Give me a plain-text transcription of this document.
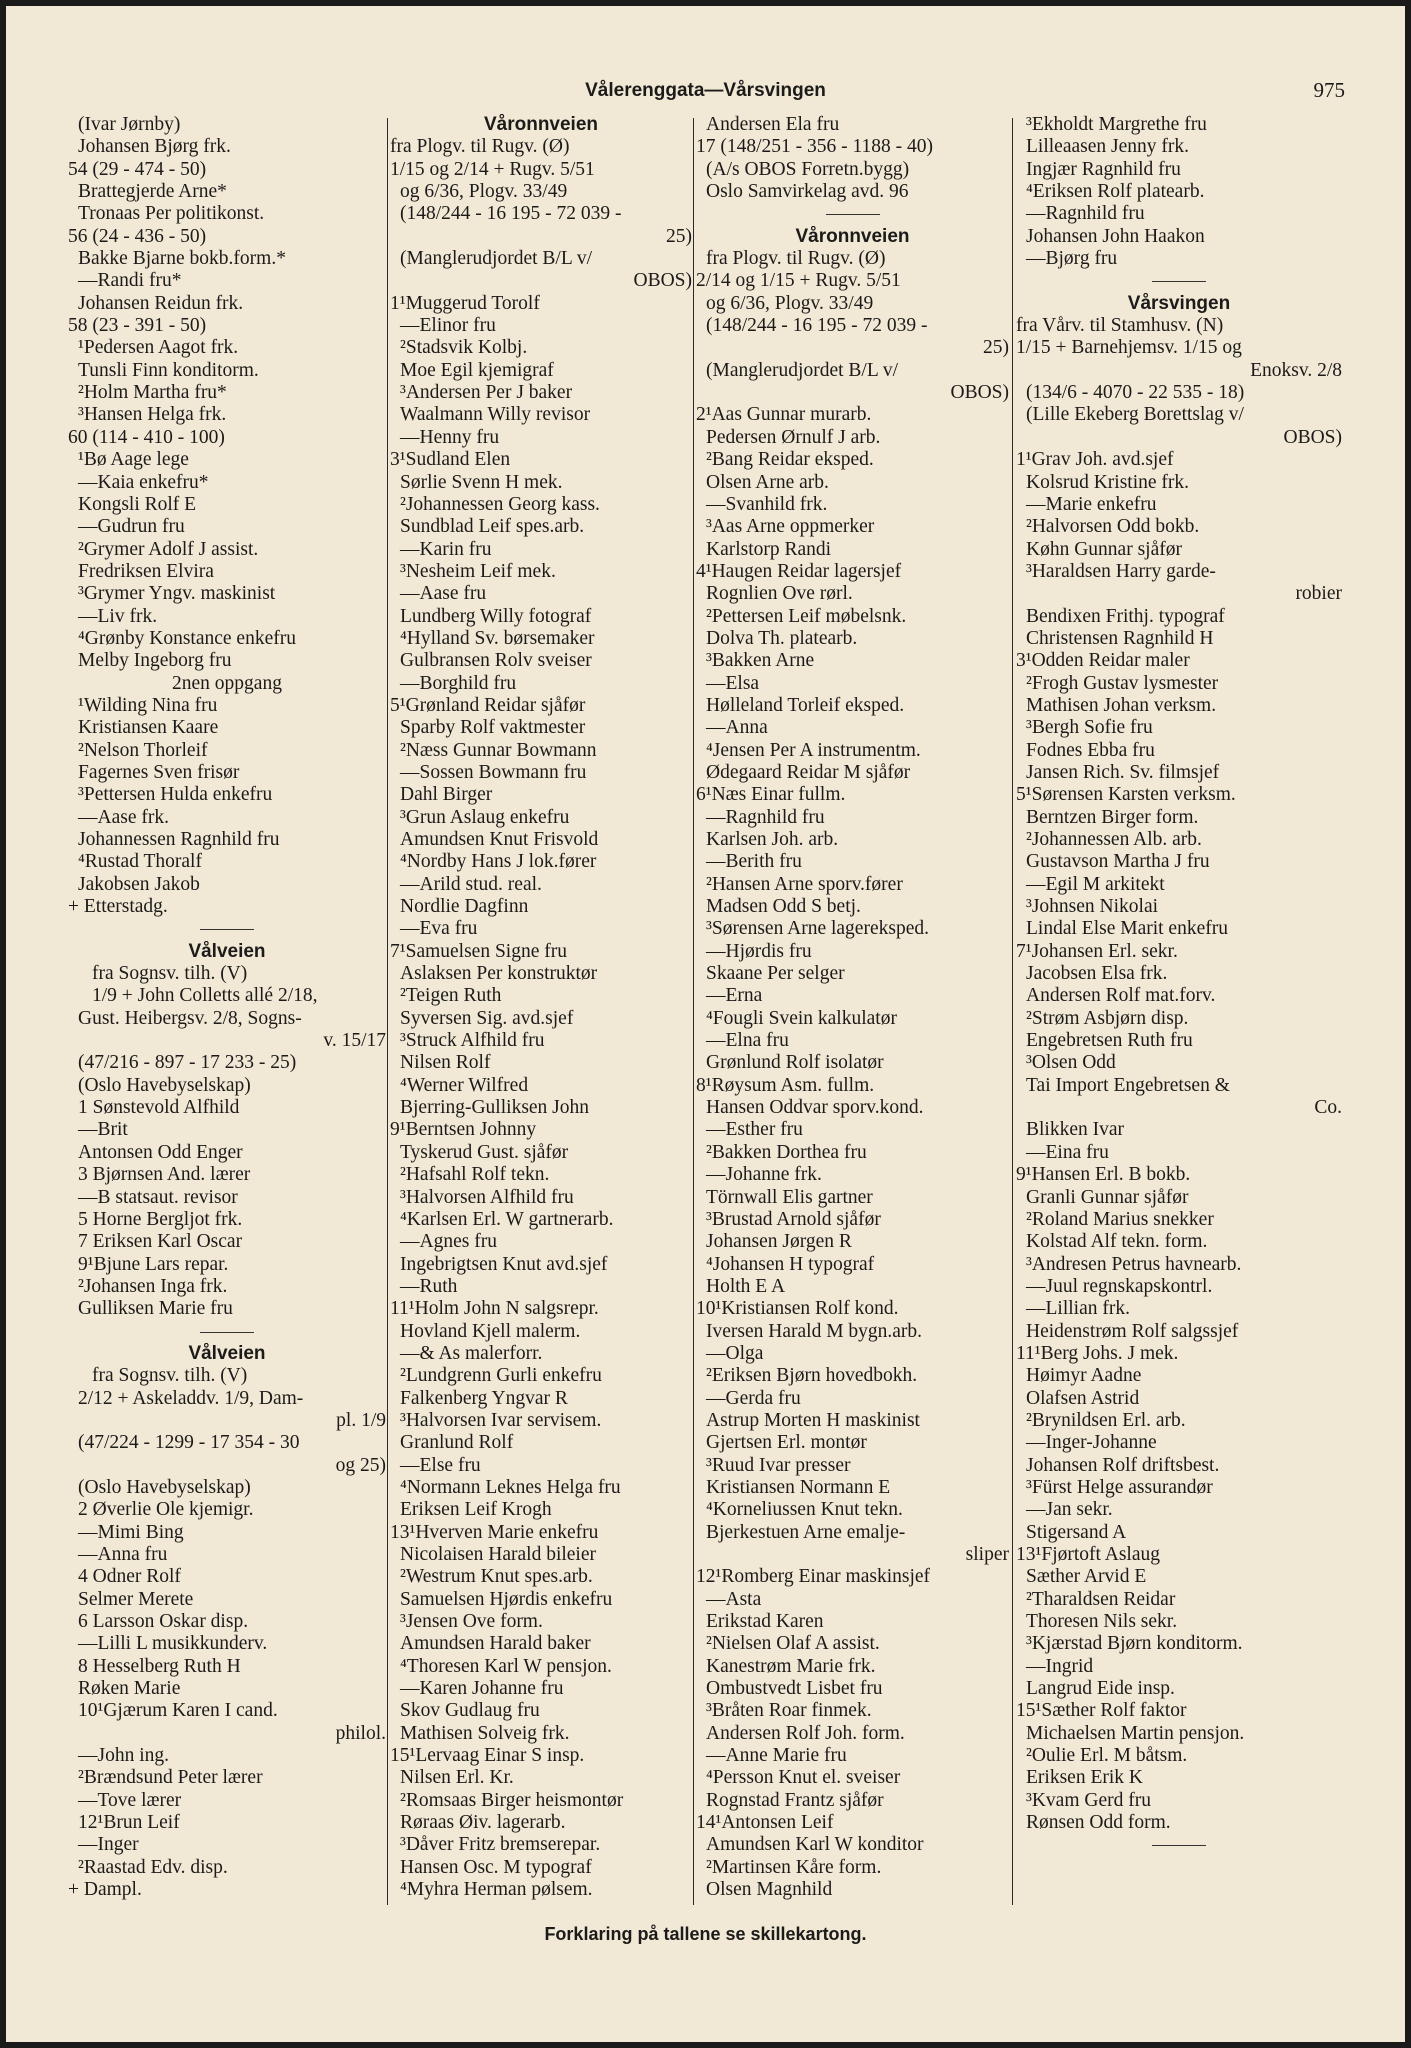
Vålerenggata—Vårsvingen	975
(Ivar Jørnby)
Johansen Bjørg frk.
54 (29 - 474 - 50)
Brattegjerde Arne*
Tronaas Per politikonst.
56 (24 - 436 - 50)
Bakke Bjarne bokb.form.*
—Randi fru*
Johansen Reidun frk.
58 (23 - 391 - 50)
¹Pedersen Aagot frk.
Tunsli Finn konditorm.
²Holm Martha fru*
³Hansen Helga frk.
60 (114 - 410 - 100)
¹Bø Aage lege
—Kaia enkefru*
Kongsli Rolf E
—Gudrun fru
²Grymer Adolf J assist.
Fredriksen Elvira
³Grymer Yngv. maskinist
—Liv frk.
⁴Grønby Konstance enkefru
Melby Ingeborg fru
2nen oppgang
¹Wilding Nina fru
Kristiansen Kaare
²Nelson Thorleif
Fagernes Sven frisør
³Pettersen Hulda enkefru
—Aase frk.
Johannessen Ragnhild fru
⁴Rustad Thoralf
Jakobsen Jakob
+ Etterstadg.
Vålveien
fra Sognsv. tilh. (V)
1/9 + John Colletts allé 2/18,
Gust. Heibergsv. 2/8, Sogns-
v. 15/17
(47/216 - 897 - 17 233 - 25)
(Oslo Havebyselskap)
1 Sønstevold Alfhild
—Brit
Antonsen Odd Enger
3 Bjørnsen And. lærer
—B statsaut. revisor
5 Horne Bergljot frk.
7 Eriksen Karl Oscar
9¹Bjune Lars repar.
²Johansen Inga frk.
Gulliksen Marie fru
Vålveien
fra Sognsv. tilh. (V)
2/12 + Askeladdv. 1/9, Dam-
pl. 1/9
(47/224 - 1299 - 17 354 - 30
og 25)
(Oslo Havebyselskap)
2 Øverlie Ole kjemigr.
—Mimi Bing
—Anna fru
4 Odner Rolf
Selmer Merete
6 Larsson Oskar disp.
—Lilli L musikkunderv.
8 Hesselberg Ruth H
Røken Marie
10¹Gjærum Karen I cand.
philol.
—John ing.
²Brændsund Peter lærer
—Tove lærer
12¹Brun Leif
—Inger
²Raastad Edv. disp.
+ Dampl.
Våronnveien
fra Plogv. til Rugv. (Ø)
1/15 og 2/14 + Rugv. 5/51
og 6/36, Plogv. 33/49
(148/244 - 16 195 - 72 039 -
25)
(Manglerudjordet B/L v/
OBOS)
1¹Muggerud Torolf
—Elinor fru
²Stadsvik Kolbj.
Moe Egil kjemigraf
³Andersen Per J baker
Waalmann Willy revisor
—Henny fru
3¹Sudland Elen
Sørlie Svenn H mek.
²Johannessen Georg kass.
Sundblad Leif spes.arb.
—Karin fru
³Nesheim Leif mek.
—Aase fru
Lundberg Willy fotograf
⁴Hylland Sv. børsemaker
Gulbransen Rolv sveiser
—Borghild fru
5¹Grønland Reidar sjåfør
Sparby Rolf vaktmester
²Næss Gunnar Bowmann
—Sossen Bowmann fru
Dahl Birger
³Grun Aslaug enkefru
Amundsen Knut Frisvold
⁴Nordby Hans J lok.fører
—Arild stud. real.
Nordlie Dagfinn
—Eva fru
7¹Samuelsen Signe fru
Aslaksen Per konstruktør
²Teigen Ruth
Syversen Sig. avd.sjef
³Struck Alfhild fru
Nilsen Rolf
⁴Werner Wilfred
Bjerring-Gulliksen John
9¹Berntsen Johnny
Tyskerud Gust. sjåfør
²Hafsahl Rolf tekn.
³Halvorsen Alfhild fru
⁴Karlsen Erl. W gartnerarb.
—Agnes fru
Ingebrigtsen Knut avd.sjef
—Ruth
11¹Holm John N salgsrepr.
Hovland Kjell malerm.
—& As malerforr.
²Lundgrenn Gurli enkefru
Falkenberg Yngvar R
³Halvorsen Ivar servisem.
Granlund Rolf
—Else fru
⁴Normann Leknes Helga fru
Eriksen Leif Krogh
13¹Hverven Marie enkefru
Nicolaisen Harald bileier
²Westrum Knut spes.arb.
Samuelsen Hjørdis enkefru
³Jensen Ove form.
Amundsen Harald baker
⁴Thoresen Karl W pensjon.
—Karen Johanne fru
Skov Gudlaug fru
Mathisen Solveig frk.
15¹Lervaag Einar S insp.
Nilsen Erl. Kr.
²Romsaas Birger heismontør
Røraas Øiv. lagerarb.
³Dåver Fritz bremserepar.
Hansen Osc. M typograf
⁴Myhra Herman pølsem.
Andersen Ela fru
17 (148/251 - 356 - 1188 - 40)
(A/s OBOS Forretn.bygg)
Oslo Samvirkelag avd. 96
Våronnveien
fra Plogv. til Rugv. (Ø)
2/14 og 1/15 + Rugv. 5/51
og 6/36, Plogv. 33/49
(148/244 - 16 195 - 72 039 -
25)
(Manglerudjordet B/L v/
OBOS)
2¹Aas Gunnar murarb.
Pedersen Ørnulf J arb.
²Bang Reidar eksped.
Olsen Arne arb.
—Svanhild frk.
³Aas Arne oppmerker
Karlstorp Randi
4¹Haugen Reidar lagersjef
Rognlien Ove rørl.
²Pettersen Leif møbelsnk.
Dolva Th. platearb.
³Bakken Arne
—Elsa
Hølleland Torleif eksped.
—Anna
⁴Jensen Per A instrumentm.
Ødegaard Reidar M sjåfør
6¹Næs Einar fullm.
—Ragnhild fru
Karlsen Joh. arb.
—Berith fru
²Hansen Arne sporv.fører
Madsen Odd S betj.
³Sørensen Arne lagereksped.
—Hjørdis fru
Skaane Per selger
—Erna
⁴Fougli Svein kalkulatør
—Elna fru
Grønlund Rolf isolatør
8¹Røysum Asm. fullm.
Hansen Oddvar sporv.kond.
—Esther fru
²Bakken Dorthea fru
—Johanne frk.
Törnwall Elis gartner
³Brustad Arnold sjåfør
Johansen Jørgen R
⁴Johansen H typograf
Holth E A
10¹Kristiansen Rolf kond.
Iversen Harald M bygn.arb.
—Olga
²Eriksen Bjørn hovedbokh.
—Gerda fru
Astrup Morten H maskinist
Gjertsen Erl. montør
³Ruud Ivar presser
Kristiansen Normann E
⁴Korneliussen Knut tekn.
Bjerkestuen Arne emalje-
sliper
12¹Romberg Einar maskinsjef
—Asta
Erikstad Karen
²Nielsen Olaf A assist.
Kanestrøm Marie frk.
Ombustvedt Lisbet fru
³Bråten Roar finmek.
Andersen Rolf Joh. form.
—Anne Marie fru
⁴Persson Knut el. sveiser
Rognstad Frantz sjåfør
14¹Antonsen Leif
Amundsen Karl W konditor
²Martinsen Kåre form.
Olsen Magnhild
³Ekholdt Margrethe fru
Lilleaasen Jenny frk.
Ingjær Ragnhild fru
⁴Eriksen Rolf platearb.
—Ragnhild fru
Johansen John Haakon
—Bjørg fru
Vårsvingen
fra Vårv. til Stamhusv. (N)
1/15 + Barnehjemsv. 1/15 og
Enoksv. 2/8
(134/6 - 4070 - 22 535 - 18)
(Lille Ekeberg Borettslag v/
OBOS)
1¹Grav Joh. avd.sjef
Kolsrud Kristine frk.
—Marie enkefru
²Halvorsen Odd bokb.
Køhn Gunnar sjåfør
³Haraldsen Harry garde-
robier
Bendixen Frithj. typograf
Christensen Ragnhild H
3¹Odden Reidar maler
²Frogh Gustav lysmester
Mathisen Johan verksm.
³Bergh Sofie fru
Fodnes Ebba fru
Jansen Rich. Sv. filmsjef
5¹Sørensen Karsten verksm.
Berntzen Birger form.
²Johannessen Alb. arb.
Gustavson Martha J fru
—Egil M arkitekt
³Johnsen Nikolai
Lindal Else Marit enkefru
7¹Johansen Erl. sekr.
Jacobsen Elsa frk.
Andersen Rolf mat.forv.
²Strøm Asbjørn disp.
Engebretsen Ruth fru
³Olsen Odd
Tai Import Engebretsen &
Co.
Blikken Ivar
—Eina fru
9¹Hansen Erl. B bokb.
Granli Gunnar sjåfør
²Roland Marius snekker
Kolstad Alf tekn. form.
³Andresen Petrus havnearb.
—Juul regnskapskontrl.
—Lillian frk.
Heidenstrøm Rolf salgssjef
11¹Berg Johs. J mek.
Høimyr Aadne
Olafsen Astrid
²Brynildsen Erl. arb.
—Inger-Johanne
Johansen Rolf driftsbest.
³Fürst Helge assurandør
—Jan sekr.
Stigersand A
13¹Fjørtoft Aslaug
Sæther Arvid E
²Tharaldsen Reidar
Thoresen Nils sekr.
³Kjærstad Bjørn konditorm.
—Ingrid
Langrud Eide insp.
15¹Sæther Rolf faktor
Michaelsen Martin pensjon.
²Oulie Erl. M båtsm.
Eriksen Erik K
³Kvam Gerd fru
Rønsen Odd form.
Forklaring på tallene se skillekartong.
